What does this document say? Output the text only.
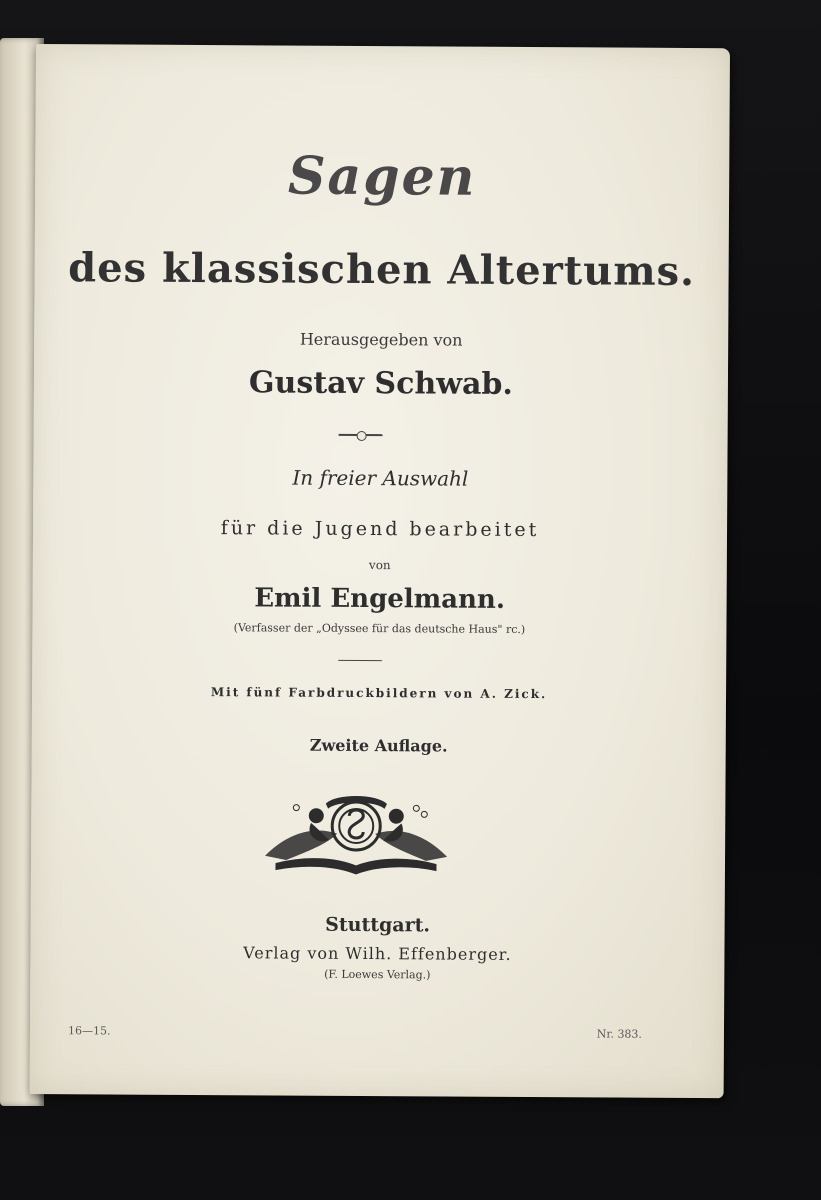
Sagen
des klassischen Altertums.
Herausgegeben von
Gustav Schwab.
In freier Auswahl
für die Jugend bearbeitet
von
Emil Engelmann.
(Verfasser der „Odyssee für das deutsche Haus" rc.)
Mit fünf Farbdruckbildern von A. Zick.
Zweite Auflage.
Stuttgart.
Verlag von Wilh. Effenberger.
(F. Loewes Verlag.)
16—15.	Nr. 383.
